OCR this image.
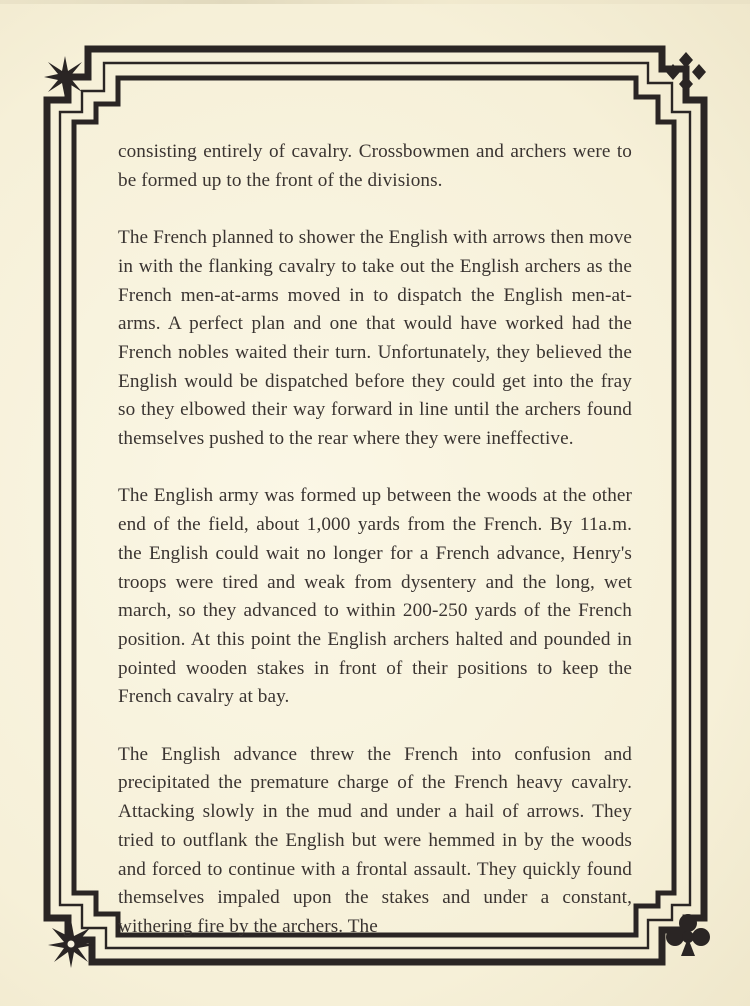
consisting entirely of cavalry. Crossbowmen and archers were to be formed up to the front of the divisions.

The French planned to shower the English with arrows then move in with the flanking cavalry to take out the English archers as the French men-at-arms moved in to dispatch the English men-at-arms. A perfect plan and one that would have worked had the French nobles waited their turn. Unfortunately, they believed the English would be dispatched before they could get into the fray so they elbowed their way forward in line until the archers found themselves pushed to the rear where they were ineffective.

The English army was formed up between the woods at the other end of the field, about 1,000 yards from the French. By 11a.m. the English could wait no longer for a French advance, Henry's troops were tired and weak from dysentery and the long, wet march, so they advanced to within 200-250 yards of the French position. At this point the English archers halted and pounded in pointed wooden stakes in front of their positions to keep the French cavalry at bay.

The English advance threw the French into confusion and precipitated the premature charge of the French heavy cavalry. Attacking slowly in the mud and under a hail of arrows. They tried to outflank the English but were hemmed in by the woods and forced to continue with a frontal assault. They quickly found themselves impaled upon the stakes and under a constant, withering fire by the archers. The
